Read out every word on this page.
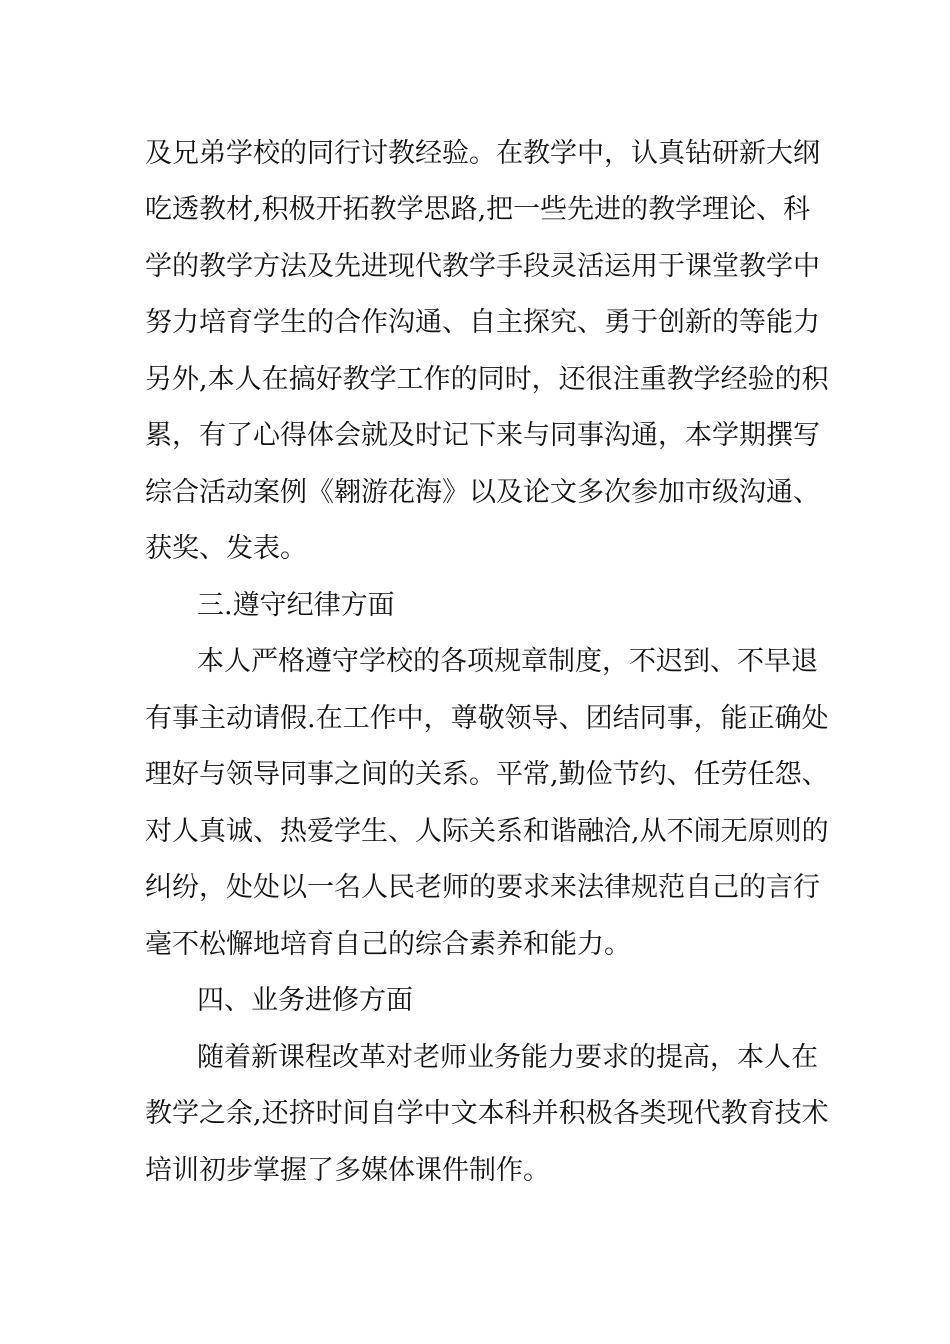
及兄弟学校的同行讨教经验。在教学中，认真钻研新大纲
吃透教材,积极开拓教学思路,把一些先进的教学理论、科
学的教学方法及先进现代教学手段灵活运用于课堂教学中
努力培育学生的合作沟通、自主探究、勇于创新的等能力
另外,本人在搞好教学工作的同时，还很注重教学经验的积
累，有了心得体会就及时记下来与同事沟通，本学期撰写
综合活动案例《翱游花海》以及论文多次参加市级沟通、
获奖、发表。
三.遵守纪律方面
本人严格遵守学校的各项规章制度，不迟到、不早退
有事主动请假.在工作中，尊敬领导、团结同事，能正确处
理好与领导同事之间的关系。平常,勤俭节约、任劳任怨、
对人真诚、热爱学生、人际关系和谐融洽,从不闹无原则的
纠纷，处处以一名人民老师的要求来法律规范自己的言行
毫不松懈地培育自己的综合素养和能力。
四、业务进修方面
随着新课程改革对老师业务能力要求的提高，本人在
教学之余,还挤时间自学中文本科并积极各类现代教育技术
培训初步掌握了多媒体课件制作。
